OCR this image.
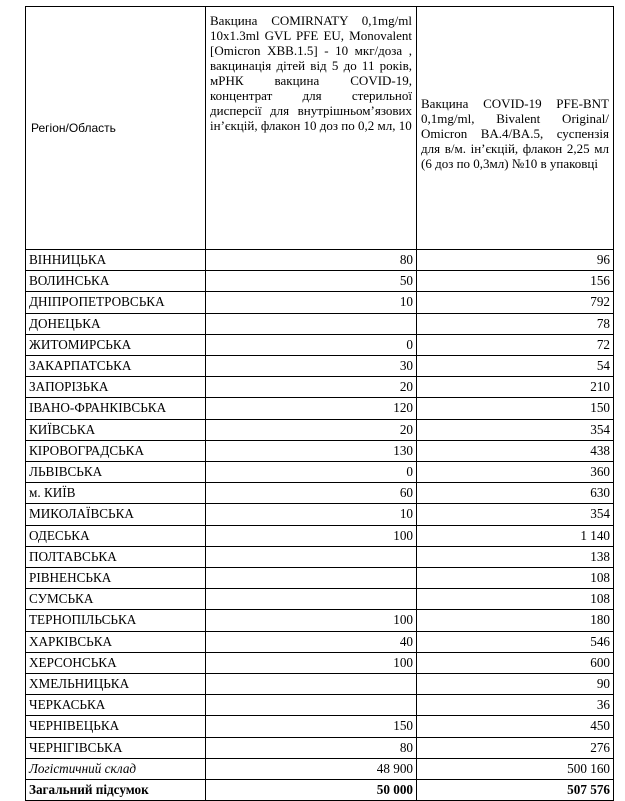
Регіон/Область	Вакцина COMIRNATY 0,1mg/ml 10x1.3ml GVL PFE EU, Monovalent [Omicron XBB.1.5] - 10 мкг/доза , вакцинація дітей від 5 до 11 років, мРНК вакцина COVID-19, концентрат для стерильної дисперсії для внутрішньом’язових ін’єкцій, флакон 10 доз по 0,2 мл, 10	Вакцина COVID-19 PFE-BNT 0,1mg/ml, Bivalent Original/ Omicron BA.4/BA.5, суспензія для в/м. ін’єкцій, флакон 2,25 мл (6 доз по 0,3мл) №10 в упаковці
ВІННИЦЬКА	80	96
ВОЛИНСЬКА	50	156
ДНІПРОПЕТРОВСЬКА	10	792
ДОНЕЦЬКА		78
ЖИТОМИРСЬКА	0	72
ЗАКАРПАТСЬКА	30	54
ЗАПОРІЗЬКА	20	210
ІВАНО-ФРАНКІВСЬКА	120	150
КИЇВСЬКА	20	354
КІРОВОГРАДСЬКА	130	438
ЛЬВІВСЬКА	0	360
м. КИЇВ	60	630
МИКОЛАЇВСЬКА	10	354
ОДЕСЬКА	100	1 140
ПОЛТАВСЬКА		138
РІВНЕНСЬКА		108
СУМСЬКА		108
ТЕРНОПІЛЬСЬКА	100	180
ХАРКІВСЬКА	40	546
ХЕРСОНСЬКА	100	600
ХМЕЛЬНИЦЬКА		90
ЧЕРКАСЬКА		36
ЧЕРНІВЕЦЬКА	150	450
ЧЕРНІГІВСЬКА	80	276
Логістичний склад	48 900	500 160
Загальний підсумок	50 000	507 576
